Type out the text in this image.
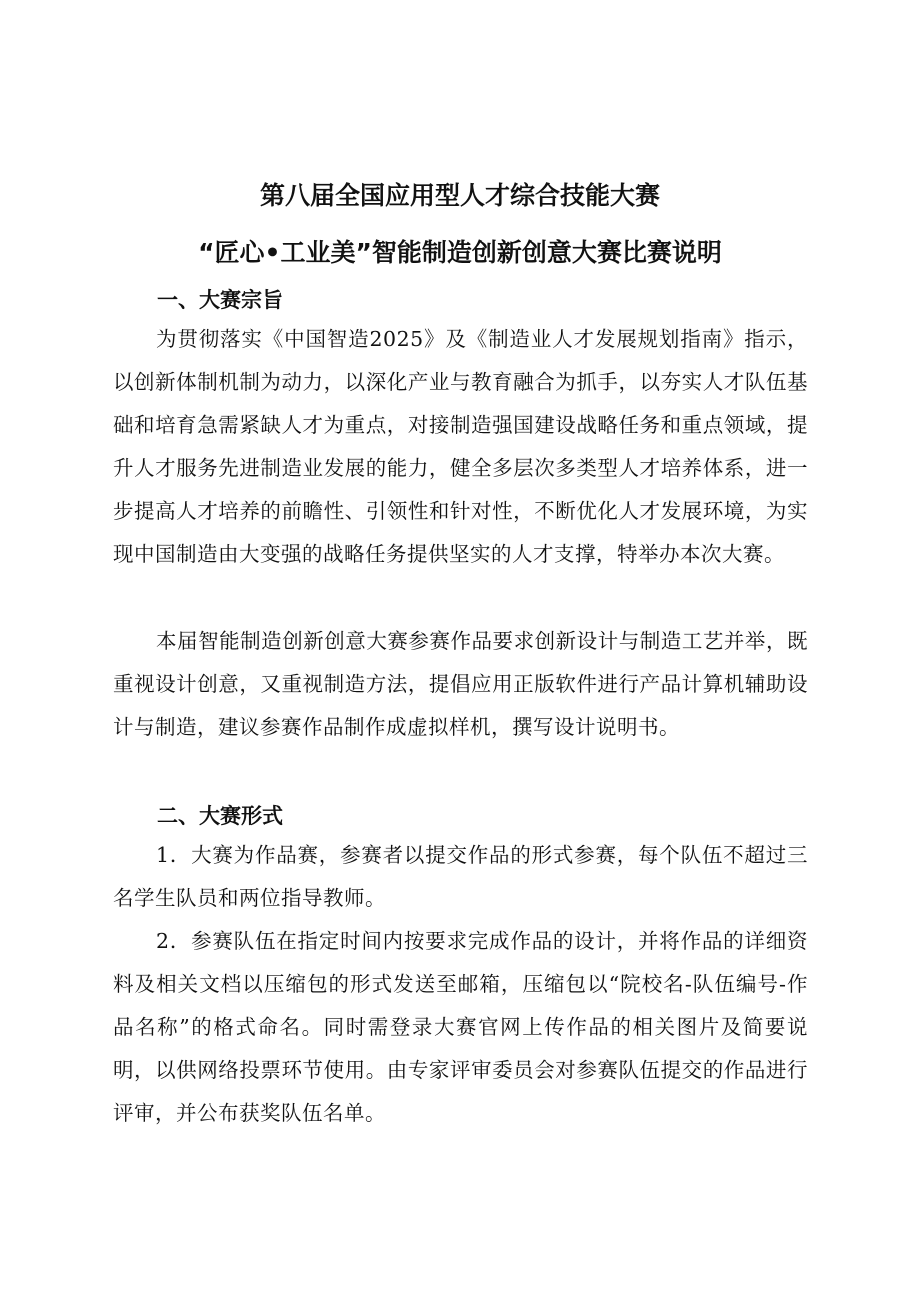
第八届全国应用型人才综合技能大赛
“匠心•工业美”智能制造创新创意大赛比赛说明
一、大赛宗旨

为贯彻落实《中国智造2025》及《制造业人才发展规划指南》指示，以创新体制机制为动力，以深化产业与教育融合为抓手，以夯实人才队伍基础和培育急需紧缺人才为重点，对接制造强国建设战略任务和重点领域，提升人才服务先进制造业发展的能力，健全多层次多类型人才培养体系，进一步提高人才培养的前瞻性、引领性和针对性，不断优化人才发展环境，为实现中国制造由大变强的战略任务提供坚实的人才支撑，特举办本次大赛。

本届智能制造创新创意大赛参赛作品要求创新设计与制造工艺并举，既重视设计创意，又重视制造方法，提倡应用正版软件进行产品计算机辅助设计与制造，建议参赛作品制作成虚拟样机，撰写设计说明书。

二、大赛形式

1．大赛为作品赛，参赛者以提交作品的形式参赛，每个队伍不超过三名学生队员和两位指导教师。

2．参赛队伍在指定时间内按要求完成作品的设计，并将作品的详细资料及相关文档以压缩包的形式发送至邮箱，压缩包以“院校名-队伍编号-作品名称”的格式命名。同时需登录大赛官网上传作品的相关图片及简要说明，以供网络投票环节使用。由专家评审委员会对参赛队伍提交的作品进行评审，并公布获奖队伍名单。
